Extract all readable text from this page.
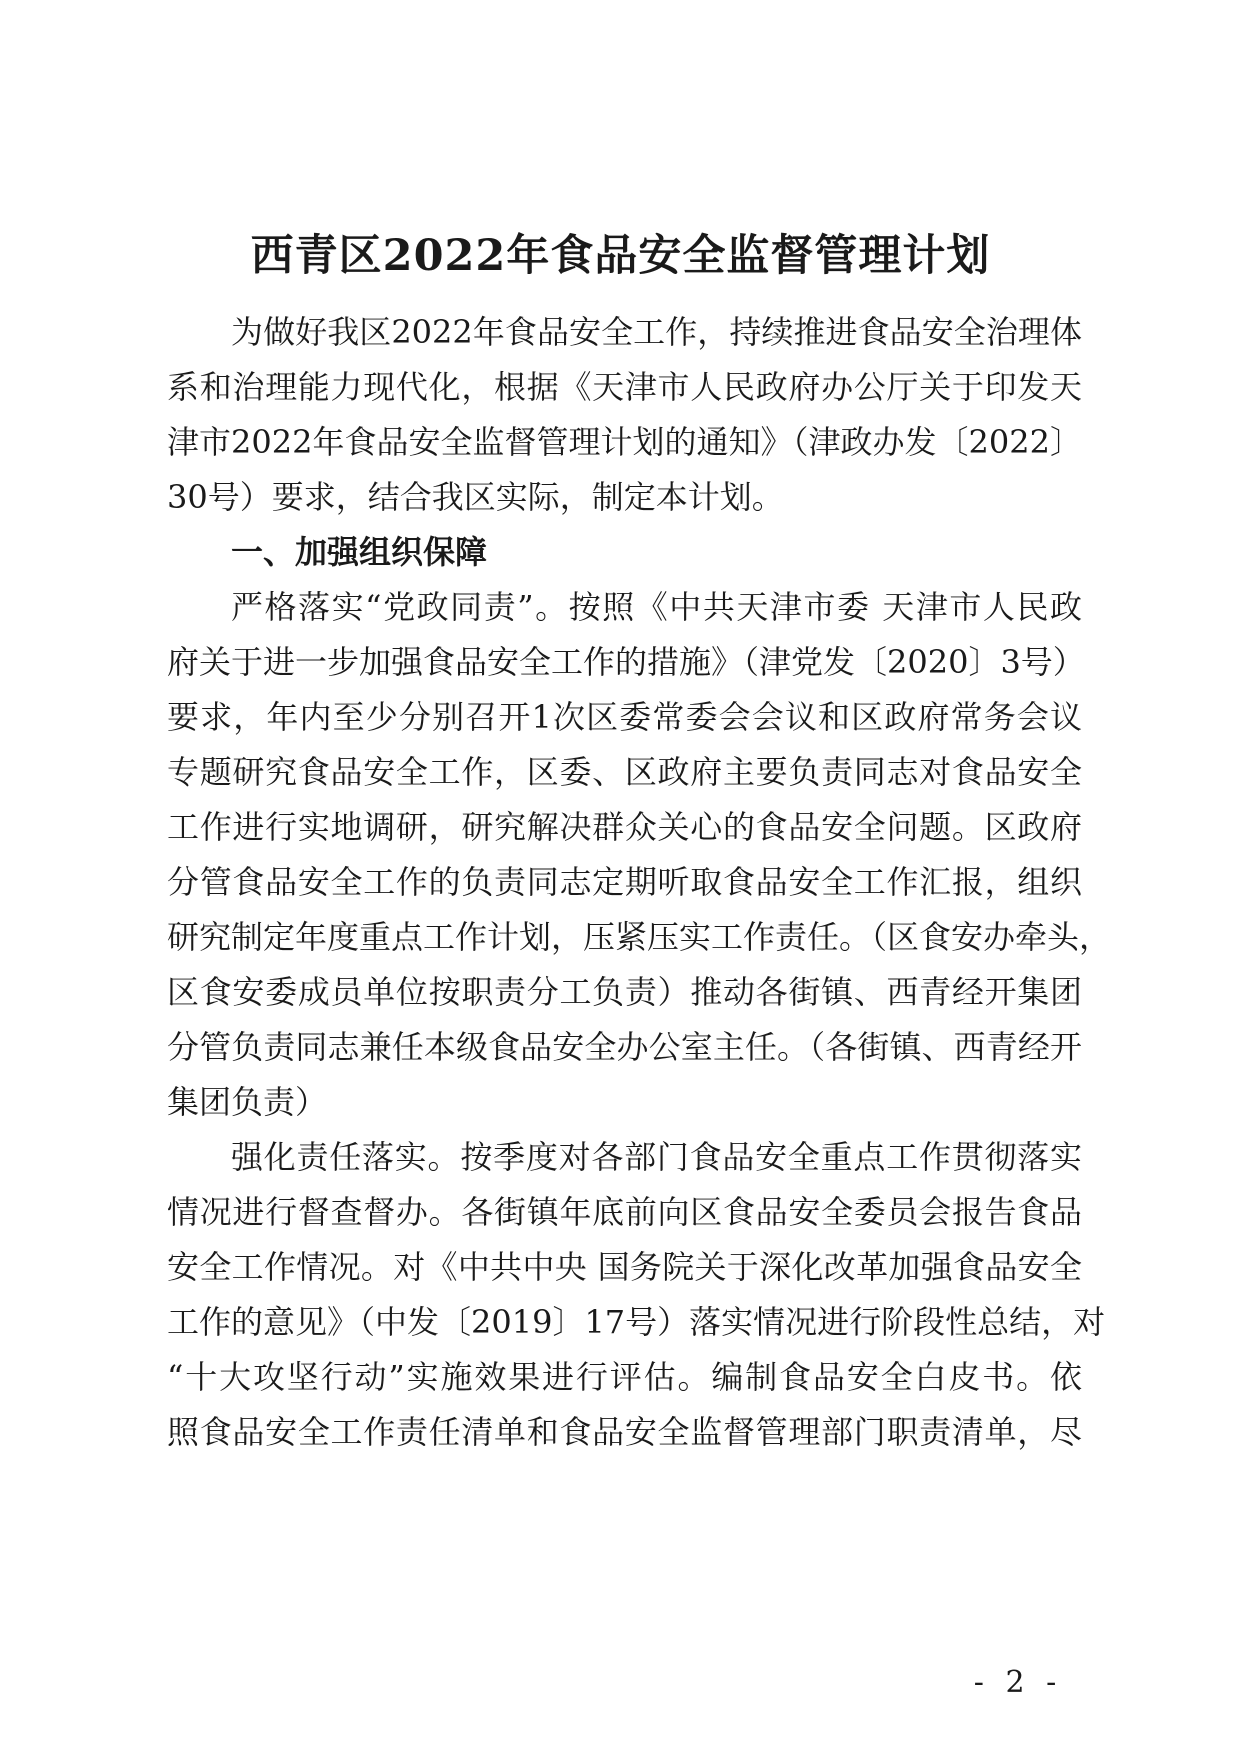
西青区2022年食品安全监督管理计划
为做好我区2022年食品安全工作，持续推进食品安全治理体
系和治理能力现代化，根据《天津市人民政府办公厅关于印发天
津市2022年食品安全监督管理计划的通知》（津政办发〔2022〕
30号）要求，结合我区实际，制定本计划。
一、加强组织保障
严格落实“党政同责”。按照《中共天津市委 天津市人民政
府关于进一步加强食品安全工作的措施》（津党发〔2020〕3号）
要求，年内至少分别召开1次区委常委会会议和区政府常务会议
专题研究食品安全工作，区委、区政府主要负责同志对食品安全
工作进行实地调研，研究解决群众关心的食品安全问题。区政府
分管食品安全工作的负责同志定期听取食品安全工作汇报，组织
研究制定年度重点工作计划，压紧压实工作责任。（区食安办牵头，
区食安委成员单位按职责分工负责）推动各街镇、西青经开集团
分管负责同志兼任本级食品安全办公室主任。（各街镇、西青经开
集团负责）
强化责任落实。按季度对各部门食品安全重点工作贯彻落实
情况进行督查督办。各街镇年底前向区食品安全委员会报告食品
安全工作情况。对《中共中央 国务院关于深化改革加强食品安全
工作的意见》（中发〔2019〕17号）落实情况进行阶段性总结，对
“十大攻坚行动”实施效果进行评估。编制食品安全白皮书。依
照食品安全工作责任清单和食品安全监督管理部门职责清单，尽
- 2 -
